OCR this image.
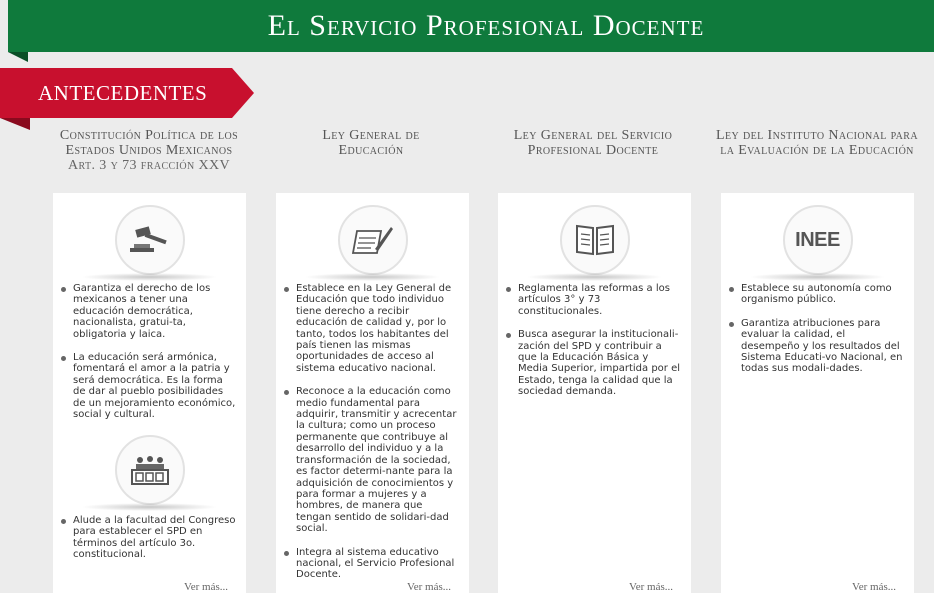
El Servicio Profesional Docente
ANTECEDENTES
Constitución Política de los Estados Unidos Mexicanos
Art. 3 y 73 fracción XXV
Ley General de Educación
Ley General del Servicio Profesional Docente
Ley del Instituto Nacional para la Evaluación de la Educación
Garantiza el derecho de los mexicanos a tener una educación democrática, nacionalista, gratui-ta, obligatoria y laica.
La educación será armónica, fomentará el amor a la patria y será democrática. Es la forma de dar al pueblo posibilidades de un mejoramiento económico, social y cultural.
Alude a la facultad del Congreso para establecer el SPD en términos del artículo 3o. constitucional.
Ver más...
Establece en la Ley General de Educación que todo individuo tiene derecho a recibir educación de calidad y, por lo tanto, todos los habitantes del país tienen las mismas oportunidades de acceso al sistema educativo nacional.
Reconoce a la educación como medio fundamental para adquirir, transmitir y acrecentar la cultura; como un proceso permanente que contribuye al desarrollo del individuo y a la transformación de la sociedad, es factor determi-nante para la adquisición de conocimientos y para formar a mujeres y a hombres, de manera que tengan sentido de solidari-dad social.
Integra al sistema educativo nacional, el Servicio Profesional Docente.
Ver más...
Reglamenta las reformas a los artículos 3° y 73 constitucionales.
Busca asegurar la institucionali-zación del SPD y contribuir a que la Educación Básica y Media Superior, impartida por el Estado, tenga la calidad que la sociedad demanda.
Ver más...
INEE
Establece su autonomía como organismo público.
Garantiza atribuciones para evaluar la calidad, el desempeño y los resultados del Sistema Educati-vo Nacional, en todas sus modali-dades.
Ver más...
